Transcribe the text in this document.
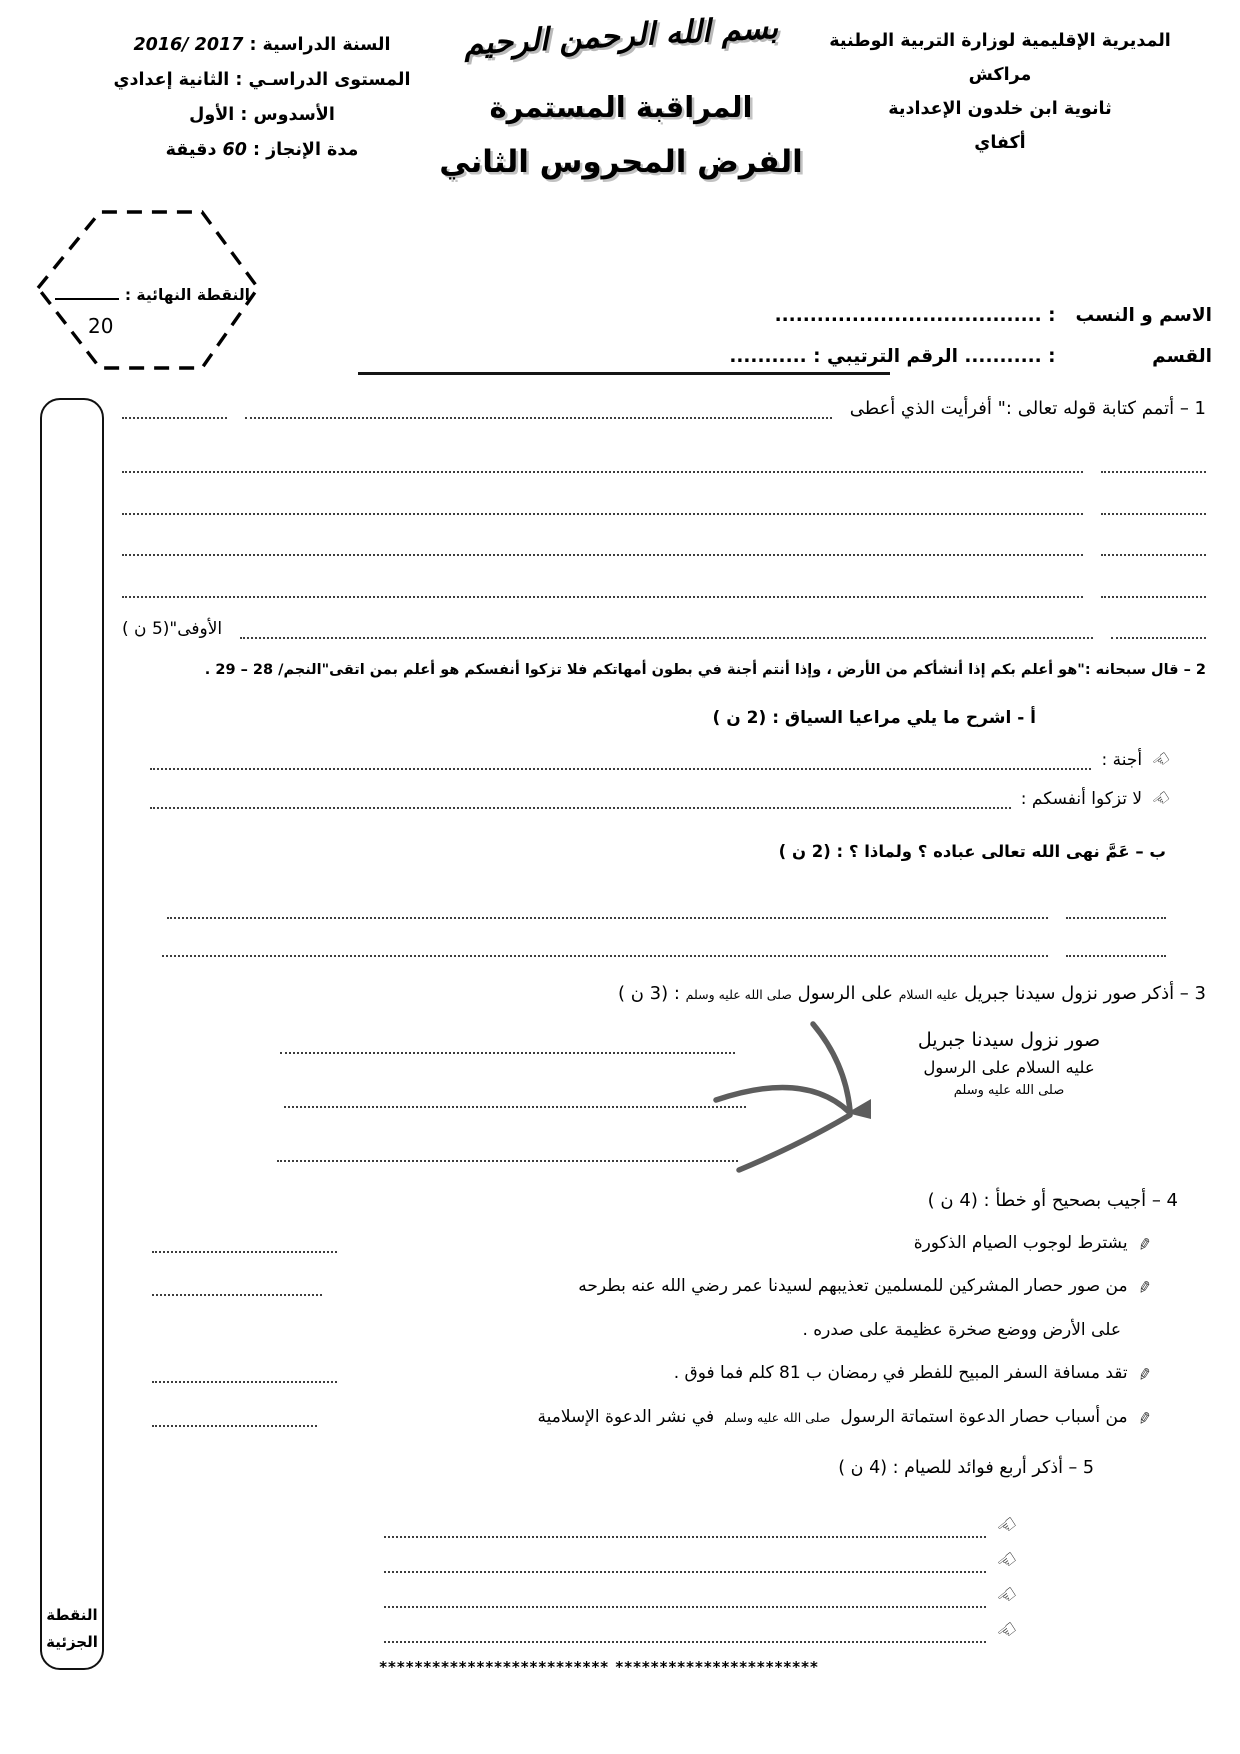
المديرية الإقليمية لوزارة التربية الوطنية
مراكش
ثانوية ابن خلدون الإعدادية
أكفاي
السنة الدراسية : 2016/ 2017
المستوى الدراسـي : الثانية إعدادي
الأسدوس : الأول
مدة الإنجاز : 60 دقيقة
بسم الله الرحمن الرحيم
المراقبة المستمرة
الفرض المحروس الثاني
النقطة النهائية :
20	الاسم و النسب : ......................................
القسم : ........... الرقم الترتيبي : ...........
النقطة
الجزئية
1 – أتمم كتابة قوله تعالى :" أفرأيت الذي أعطى
الأوفى"(5 ن )
2 – قال سبحانه :"هو أعلم بكم إذا أنشأكم من الأرض ، وإذا أنتم أجنة في بطون أمهاتكم فلا تزكوا أنفسكم هو أعلم بمن اتقى"النجم/ 28 – 29 .
أ - اشرح ما يلي مراعيا السياق : (2 ن )
☜
أجنة :
☜
لا تزكوا أنفسكم :
ب – عَمَّ نهى الله تعالى عباده ؟ ولماذا ؟ : (2 ن )
3 – أذكر صور نزول سيدنا جبريل عليه السلام على الرسول صلى الله عليه وسلم : (3 ن )
صور نزول سيدنا جبريل
عليه السلام على الرسول
صلى الله عليه وسلم
4 – أجيب بصحيح أو خطأ : (4 ن )
✎
يشترط لوجوب الصيام الذكورة
✎
من صور حصار المشركين للمسلمين تعذيبهم لسيدنا عمر رضي الله عنه بطرحه
على الأرض ووضع صخرة عظيمة على صدره .
✎
تقد مسافة السفر المبيح للفطر في رمضان ب 81 كلم فما فوق .
✎
من أسباب حصار الدعوة استماتة الرسول
صلى الله عليه وسلم
في نشر الدعوة الإسلامية
5 – أذكر أربع فوائد للصيام : (4 ن )
☜
☜
☜
☜
************************** ***********************
